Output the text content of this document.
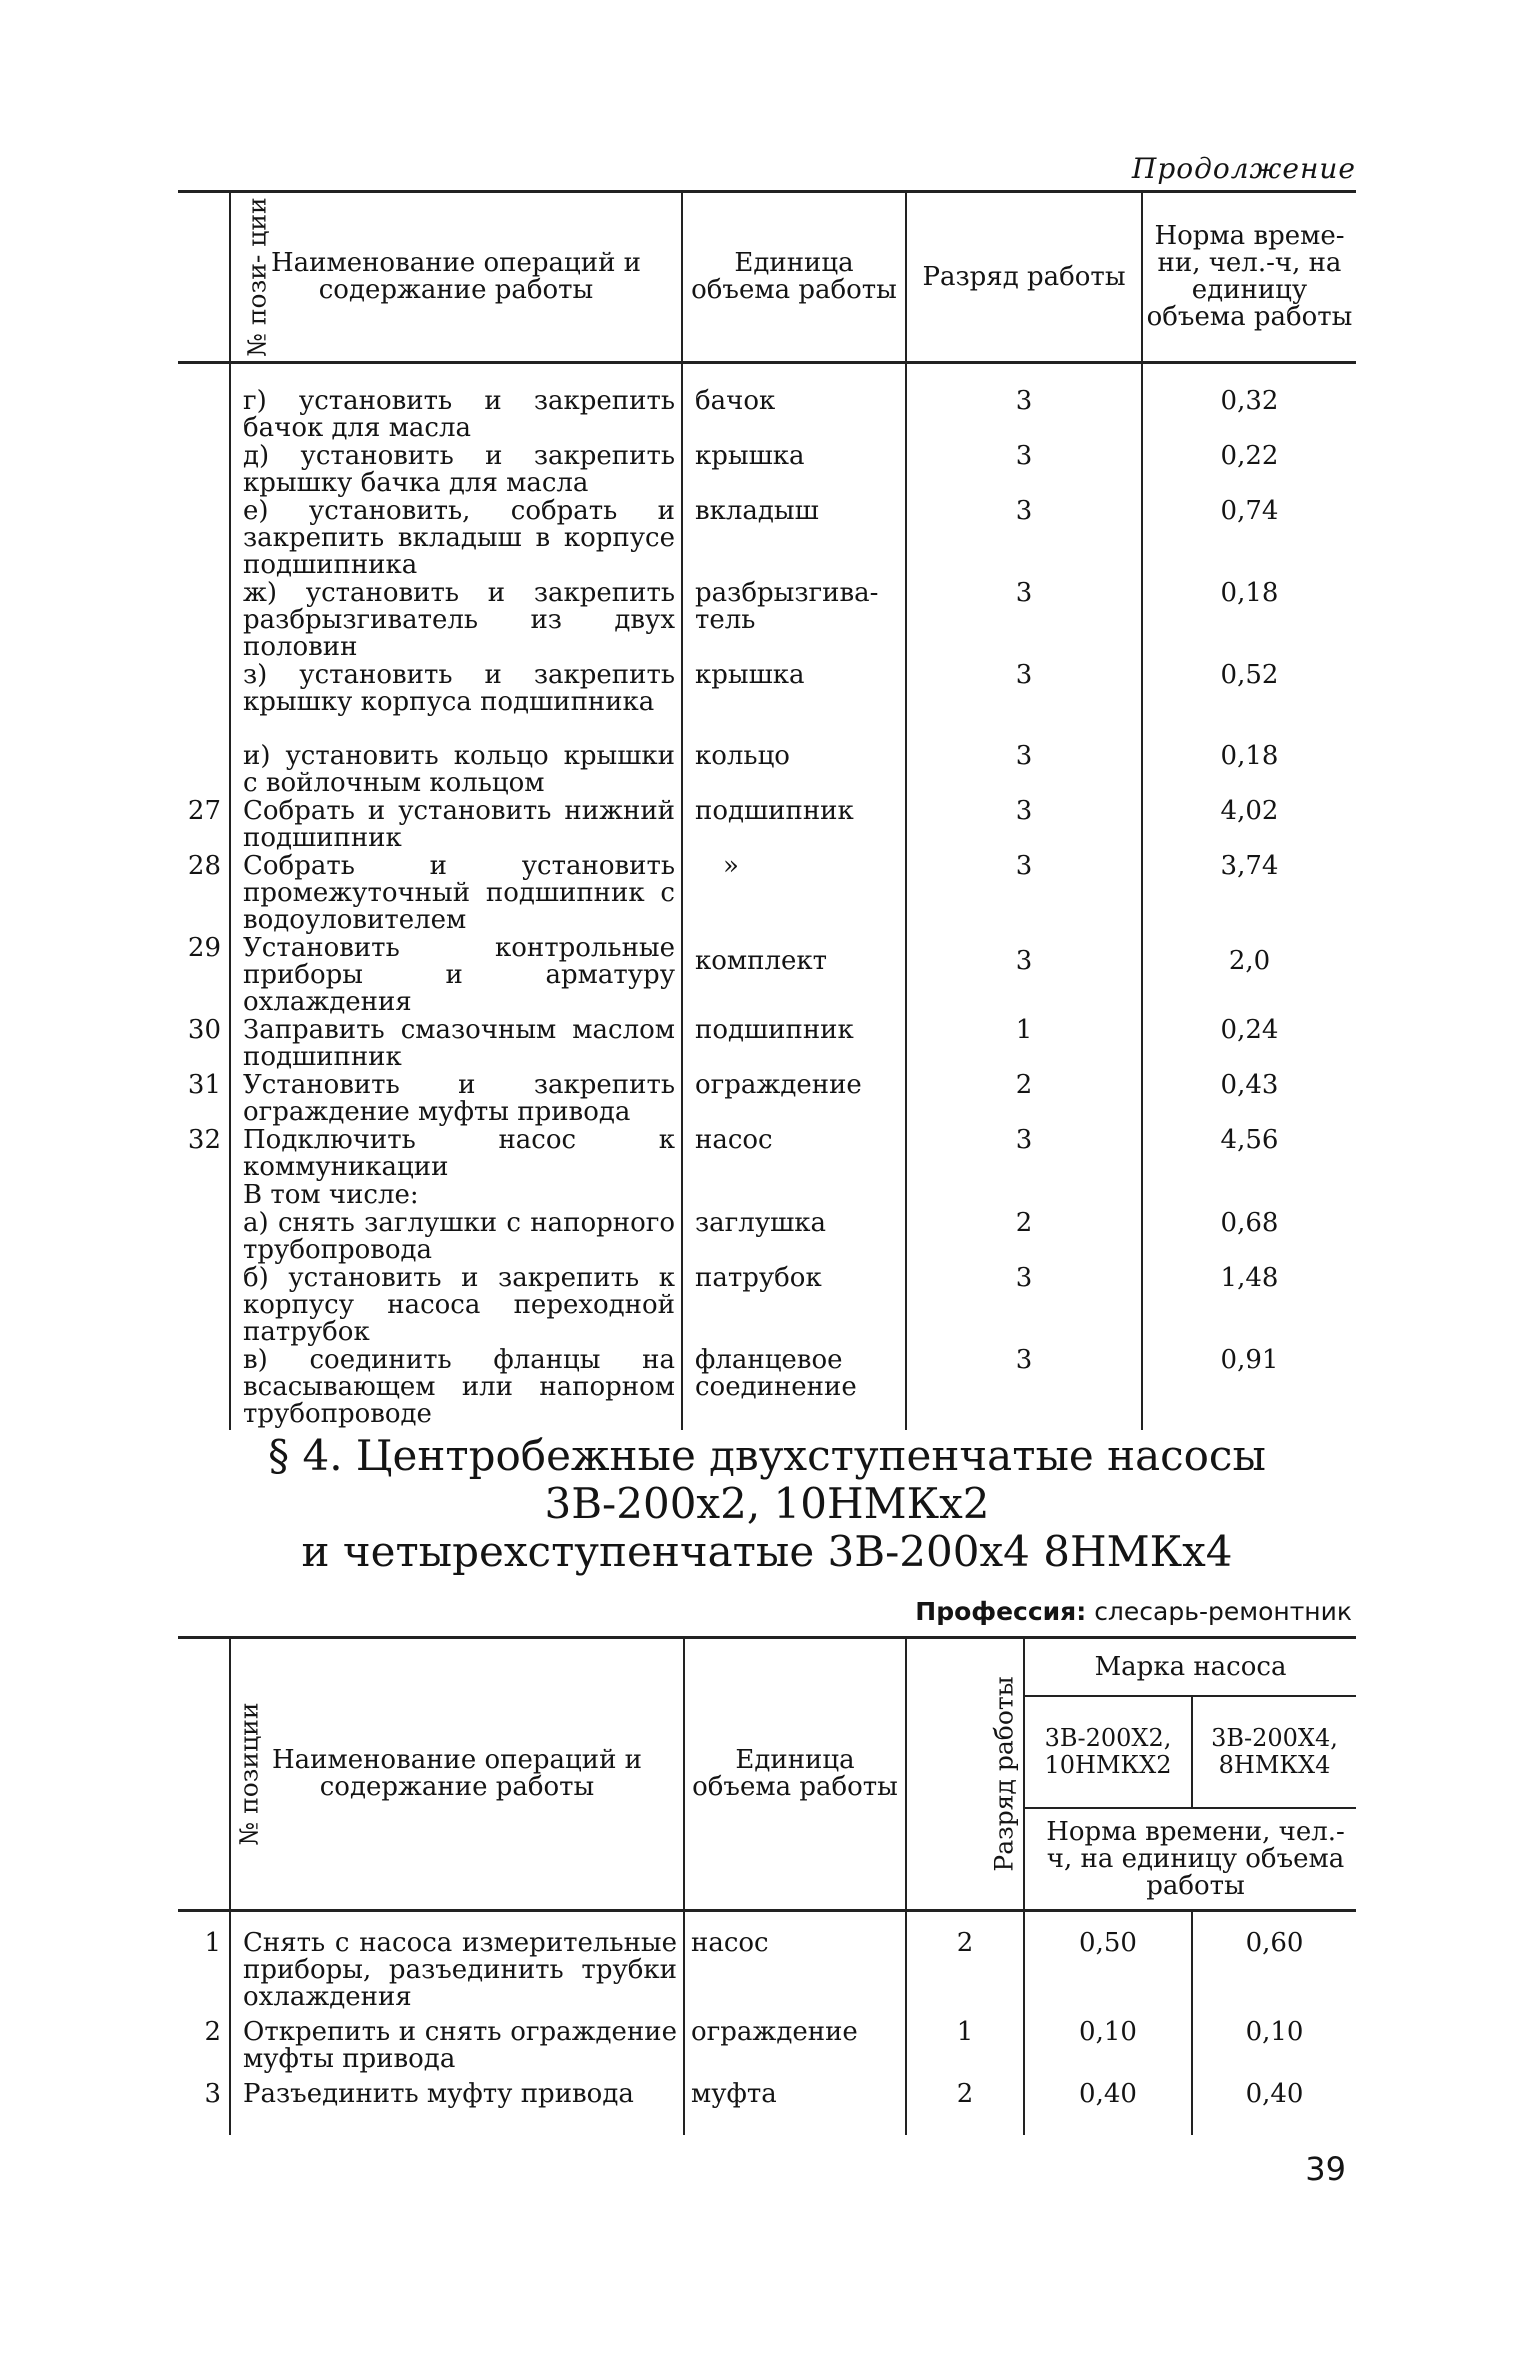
Продолжение
№ пози- ции	Наименование операций и содержание работы	Единица объема работы	Разряд работы	Норма време- ни, чел.-ч, на единицу объема работы
	г) установить и закрепить бачок для масла	бачок	3	0,32
	д) установить и закрепить крышку бачка для масла	крышка	3	0,22
	е) установить, собрать и закрепить вкладыш в корпусе подшипника	вкладыш	3	0,74
	ж) установить и закрепить разбрызгиватель из двух половин	разбрызгива- тель	3	0,18
	з) установить и закрепить крышку корпуса подшипника	крышка	3	0,52
	и) установить кольцо крышки с войлочным кольцом	кольцо	3	0,18
27	Собрать и установить нижний подшипник	подшипник	3	4,02
28	Собрать и установить промежуточный подшипник с водоуловителем	»	3	3,74
29	Установить контрольные приборы и арматуру охлаждения	комплект	3	2,0
30	Заправить смазочным маслом подшипник	подшипник	1	0,24
31	Установить и закрепить ограждение муфты привода	ограждение	2	0,43
32	Подключить насос к коммуникации	насос	3	4,56
	В том числе:			
	а) снять заглушки с напорного трубопровода	заглушка	2	0,68
	б) установить и закрепить к корпусу насоса переходной патрубок	патрубок	3	1,48
	в) соединить фланцы на всасывающем или напорном трубопроводе	фланцевое соединение	3	0,91
§ 4. Центробежные двухступенчатые насосы
3В-200х2, 10НМКх2
и четырехступенчатые 3В-200х4 8НМКх4
Профессия: слесарь-ремонтник
№ позиции	Наименование операций и содержание работы	Единица объема работы	Разряд работы	Марка насоса	
				3В-200Х2, 10НМКХ2	3В-200Х4, 8НМКХ4
				Норма времени, чел.-ч, на единицу объема работы	
1	Снять с насоса измерительные приборы, разъединить трубки охлаждения	насос	2	0,50	0,60
2	Открепить и снять ограждение муфты привода	ограждение	1	0,10	0,10
3	Разъединить муфту привода	муфта	2	0,40	0,40
39
